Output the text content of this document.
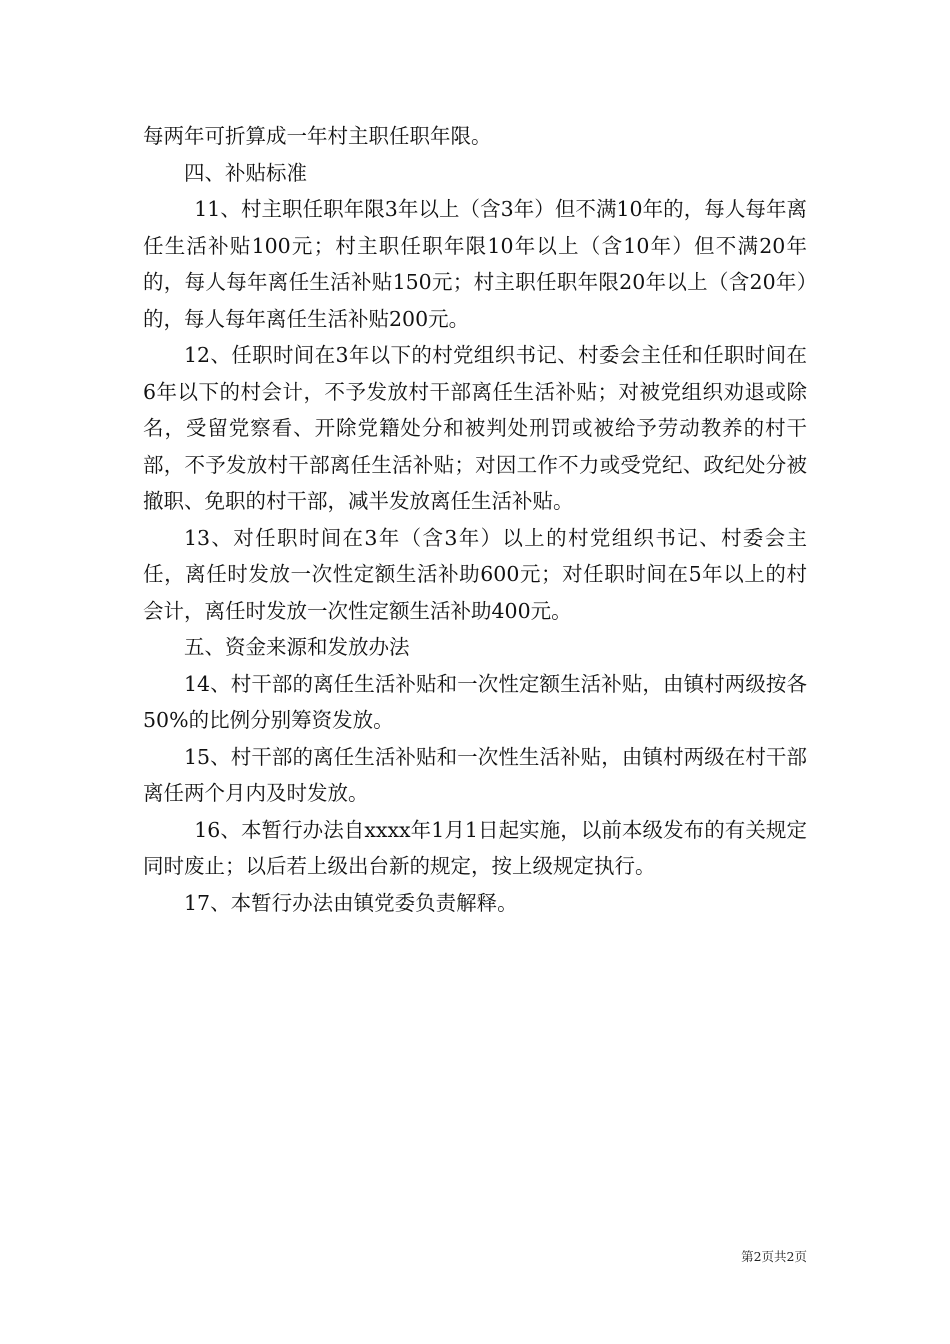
每两年可折算成一年村主职任职年限。

四、补贴标准

11、村主职任职年限3年以上（含3年）但不满10年的，每人每年离任生活补贴100元；村主职任职年限10年以上（含10年）但不满20年的，每人每年离任生活补贴150元；村主职任职年限20年以上（含20年）的，每人每年离任生活补贴200元。

12、任职时间在3年以下的村党组织书记、村委会主任和任职时间在6年以下的村会计，不予发放村干部离任生活补贴；对被党组织劝退或除名，受留党察看、开除党籍处分和被判处刑罚或被给予劳动教养的村干部，不予发放村干部离任生活补贴；对因工作不力或受党纪、政纪处分被撤职、免职的村干部，减半发放离任生活补贴。

13、对任职时间在3年（含3年）以上的村党组织书记、村委会主任，离任时发放一次性定额生活补助600元；对任职时间在5年以上的村会计，离任时发放一次性定额生活补助400元。

五、资金来源和发放办法

14、村干部的离任生活补贴和一次性定额生活补贴，由镇村两级按各50%的比例分别筹资发放。

15、村干部的离任生活补贴和一次性生活补贴，由镇村两级在村干部离任两个月内及时发放。

16、本暂行办法自xxxx年1月1日起实施，以前本级发布的有关规定同时废止；以后若上级出台新的规定，按上级规定执行。

17、本暂行办法由镇党委负责解释。

第2页共2页
